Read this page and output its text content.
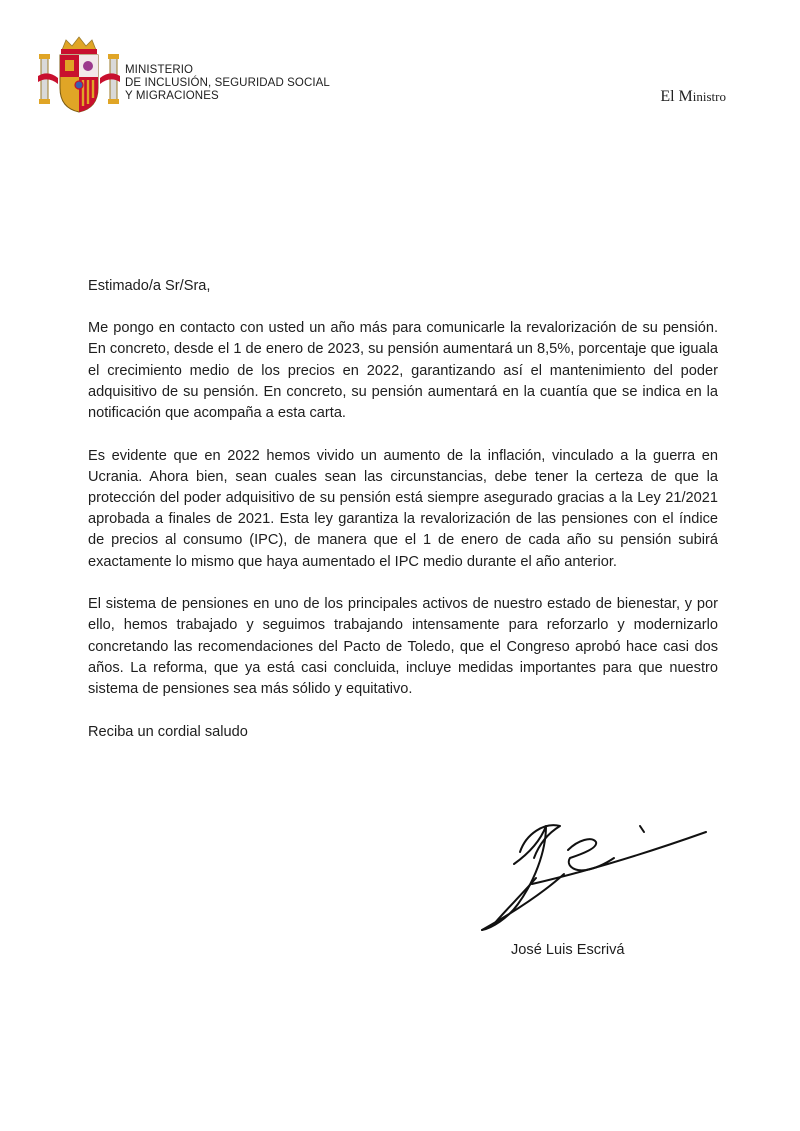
MINISTERIO
DE INCLUSIÓN, SEGURIDAD SOCIAL
Y MIGRACIONES	El Ministro

Estimado/a Sr/Sra,

Me pongo en contacto con usted un año más para comunicarle la revalorización de su pensión. En concreto, desde el 1 de enero de 2023, su pensión aumentará un 8,5%, porcentaje que iguala el crecimiento medio de los precios en 2022, garantizando así el mantenimiento del poder adquisitivo de su pensión. En concreto, su pensión aumentará en la cuantía que se indica en la notificación que acompaña a esta carta.

Es evidente que en 2022 hemos vivido un aumento de la inflación, vinculado a la guerra en Ucrania. Ahora bien, sean cuales sean las circunstancias, debe tener la certeza de que la protección del poder adquisitivo de su pensión está siempre asegurado gracias a la Ley 21/2021 aprobada a finales de 2021. Esta ley garantiza la revalorización de las pensiones con el índice de precios al consumo (IPC), de manera que el 1 de enero de cada año su pensión subirá exactamente lo mismo que haya aumentado el IPC medio durante el año anterior.

El sistema de pensiones en uno de los principales activos de nuestro estado de bienestar, y por ello, hemos trabajado y seguimos trabajando intensamente para reforzarlo y modernizarlo concretando las recomendaciones del Pacto de Toledo, que el Congreso aprobó hace casi dos años. La reforma, que ya está casi concluida, incluye medidas importantes para que nuestro sistema de pensiones sea más sólido y equitativo.

Reciba un cordial saludo

José Luis Escrivá
